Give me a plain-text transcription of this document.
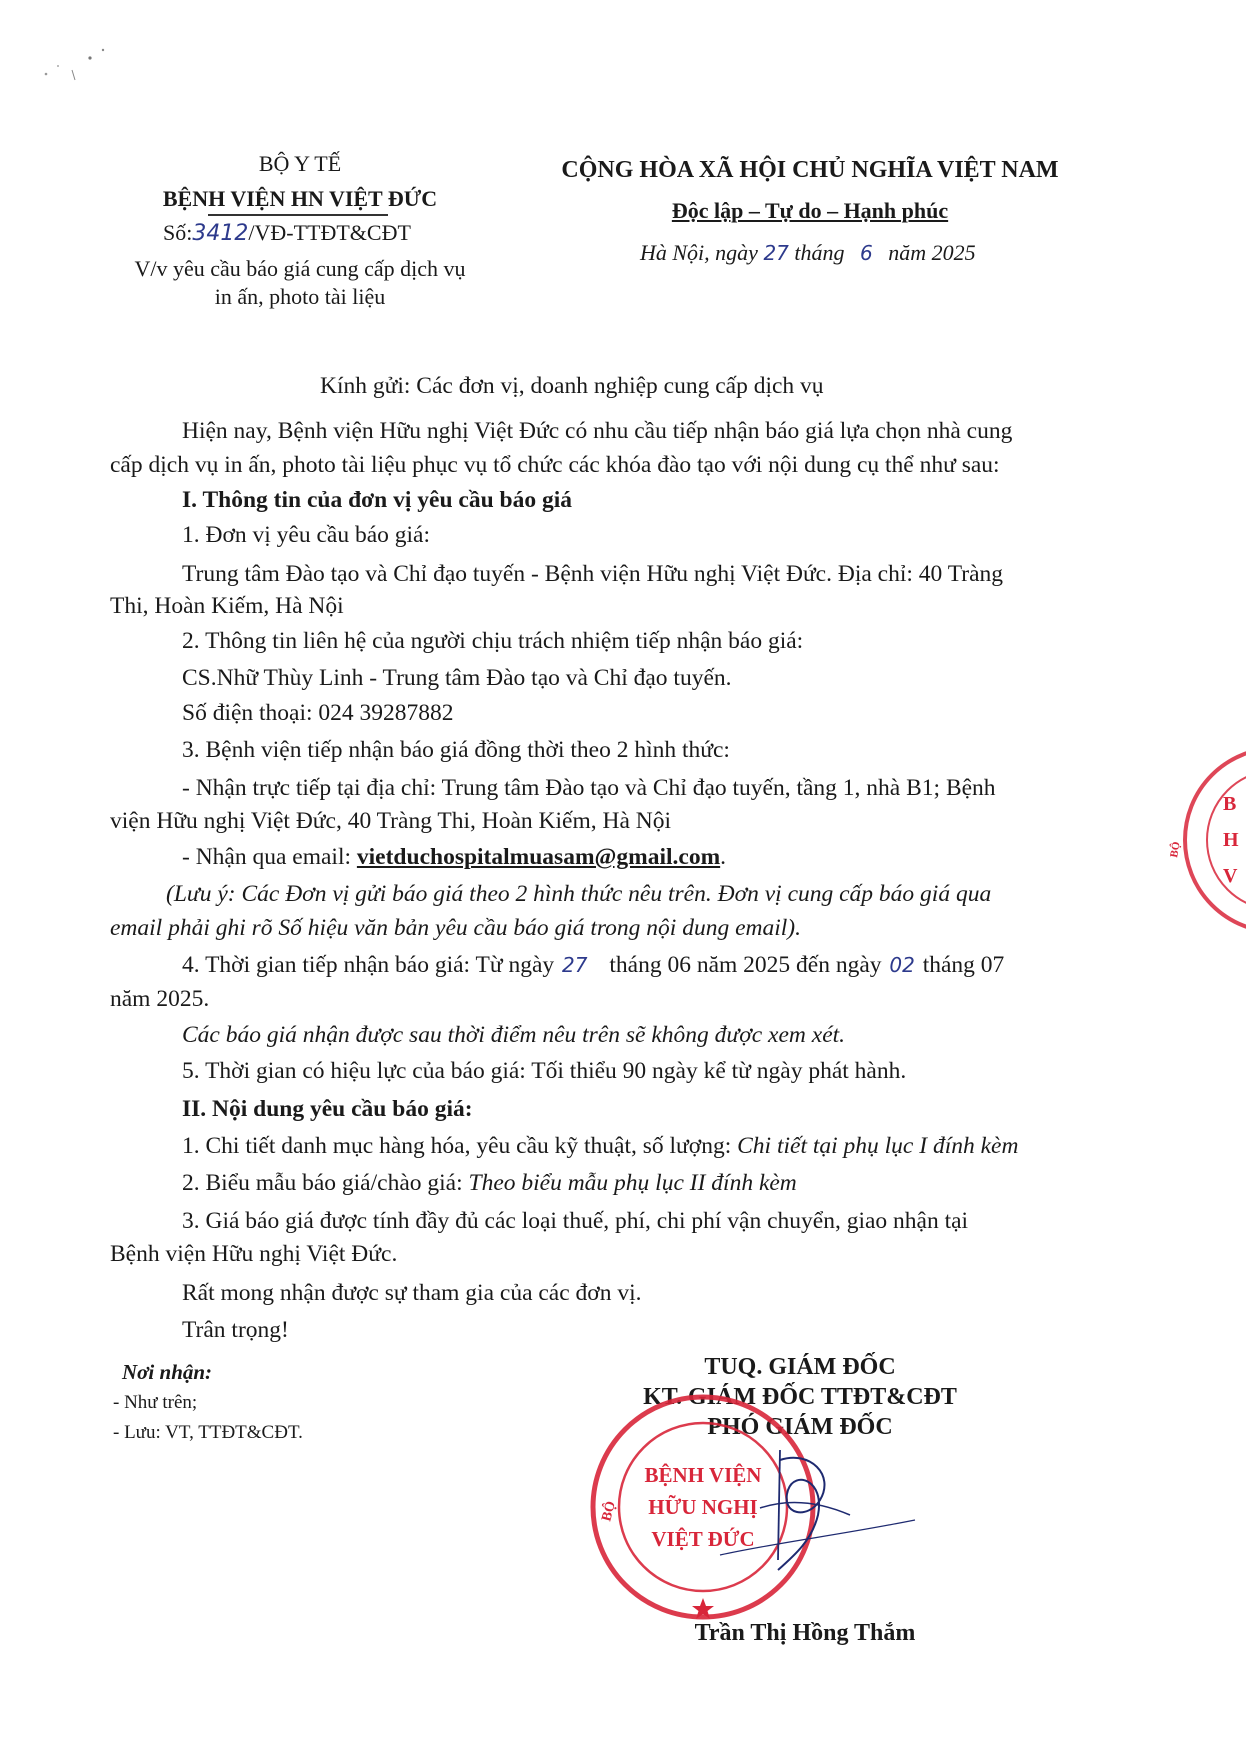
BỘ Y TẾ
BỆNH VIỆN HN VIỆT ĐỨC
Số:3412/VĐ-TTĐT&CĐT
V/v yêu cầu báo giá cung cấp dịch vụ
in ấn, photo tài liệu
CỘNG HÒA XÃ HỘI CHỦ NGHĨA VIỆT NAM
Độc lập – Tự do – Hạnh phúc
Hà Nội, ngày 27 tháng 6 năm 2025
Kính gửi: Các đơn vị, doanh nghiệp cung cấp dịch vụ
Hiện nay, Bệnh viện Hữu nghị Việt Đức có nhu cầu tiếp nhận báo giá lựa chọn nhà cung
cấp dịch vụ in ấn, photo tài liệu phục vụ tổ chức các khóa đào tạo với nội dung cụ thể như sau:
I. Thông tin của đơn vị yêu cầu báo giá
1. Đơn vị yêu cầu báo giá:
Trung tâm Đào tạo và Chỉ đạo tuyến - Bệnh viện Hữu nghị Việt Đức. Địa chỉ: 40 Tràng
Thi, Hoàn Kiếm, Hà Nội
2. Thông tin liên hệ của người chịu trách nhiệm tiếp nhận báo giá:
CS.Nhữ Thùy Linh - Trung tâm Đào tạo và Chỉ đạo tuyến.
Số điện thoại: 024 39287882
3. Bệnh viện tiếp nhận báo giá đồng thời theo 2 hình thức:
- Nhận trực tiếp tại địa chỉ: Trung tâm Đào tạo và Chỉ đạo tuyến, tầng 1, nhà B1; Bệnh
viện Hữu nghị Việt Đức, 40 Tràng Thi, Hoàn Kiếm, Hà Nội
- Nhận qua email: vietduchospitalmuasam@gmail.com.
(Lưu ý: Các Đơn vị gửi báo giá theo 2 hình thức nêu trên. Đơn vị cung cấp báo giá qua
email phải ghi rõ Số hiệu văn bản yêu cầu báo giá trong nội dung email).
4. Thời gian tiếp nhận báo giá: Từ ngày 27 tháng 06 năm 2025 đến ngày 02 tháng 07
năm 2025.
Các báo giá nhận được sau thời điểm nêu trên sẽ không được xem xét.
5. Thời gian có hiệu lực của báo giá: Tối thiểu 90 ngày kể từ ngày phát hành.
II. Nội dung yêu cầu báo giá:
1. Chi tiết danh mục hàng hóa, yêu cầu kỹ thuật, số lượng: Chi tiết tại phụ lục I đính kèm
2. Biểu mẫu báo giá/chào giá: Theo biểu mẫu phụ lục II đính kèm
3. Giá báo giá được tính đầy đủ các loại thuế, phí, chi phí vận chuyển, giao nhận tại
Bệnh viện Hữu nghị Việt Đức.
Rất mong nhận được sự tham gia của các đơn vị.
Trân trọng!
Nơi nhận:
- Như trên;
- Lưu: VT, TTĐT&CĐT.
TUQ. GIÁM ĐỐC
KT. GIÁM ĐỐC TTĐT&CĐT
PHÓ GIÁM ĐỐC
BỘ
BỆNH VIỆN
HỮU NGHỊ
VIỆT ĐỨC
Trần Thị Hồng Thắm
B H V
BỘ
